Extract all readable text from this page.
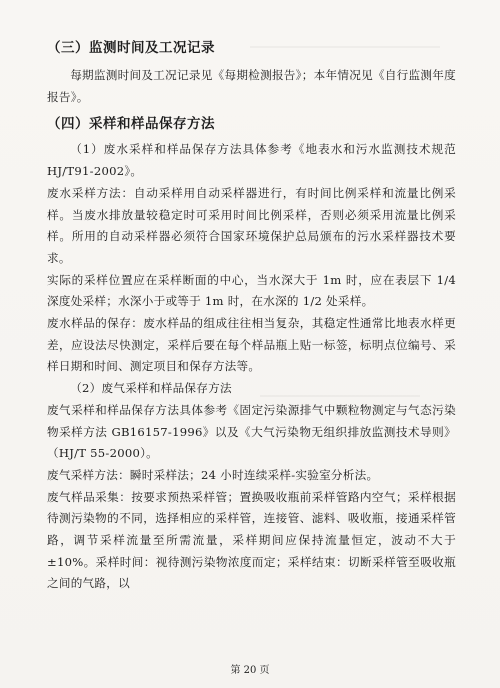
（三）监测时间及工况记录
每期监测时间及工况记录见《每期检测报告》；本年情况见《自行监测年度报告》。
（四）采样和样品保存方法
（1）废水采样和样品保存方法具体参考《地表水和污水监测技术规范HJ/T91-2002》。
废水采样方法：自动采样用自动采样器进行，有时间比例采样和流量比例采样。当废水排放量较稳定时可采用时间比例采样，否则必须采用流量比例采样。所用的自动采样器必须符合国家环境保护总局颁布的污水采样器技术要求。
实际的采样位置应在采样断面的中心，当水深大于 1m 时，应在表层下 1/4 深度处采样；水深小于或等于 1m 时，在水深的 1/2 处采样。
废水样品的保存：废水样品的组成往往相当复杂，其稳定性通常比地表水样更差，应设法尽快测定，采样后要在每个样品瓶上贴一标签，标明点位编号、采样日期和时间、测定项目和保存方法等。
（2）废气采样和样品保存方法
废气采样和样品保存方法具体参考《固定污染源排气中颗粒物测定与气态污染物采样方法 GB16157-1996》以及《大气污染物无组织排放监测技术导则》（HJ/T 55-2000）。
废气采样方法：瞬时采样法；24 小时连续采样-实验室分析法。
废气样品采集：按要求预热采样管；置换吸收瓶前采样管路内空气；采样根据待测污染物的不同，选择相应的采样管，连接管、滤料、吸收瓶，接通采样管路，调节采样流量至所需流量，采样期间应保持流量恒定，波动不大于±10%。采样时间：视待测污染物浓度而定；采样结束：切断采样管至吸收瓶之间的气路，以
第 20 页
